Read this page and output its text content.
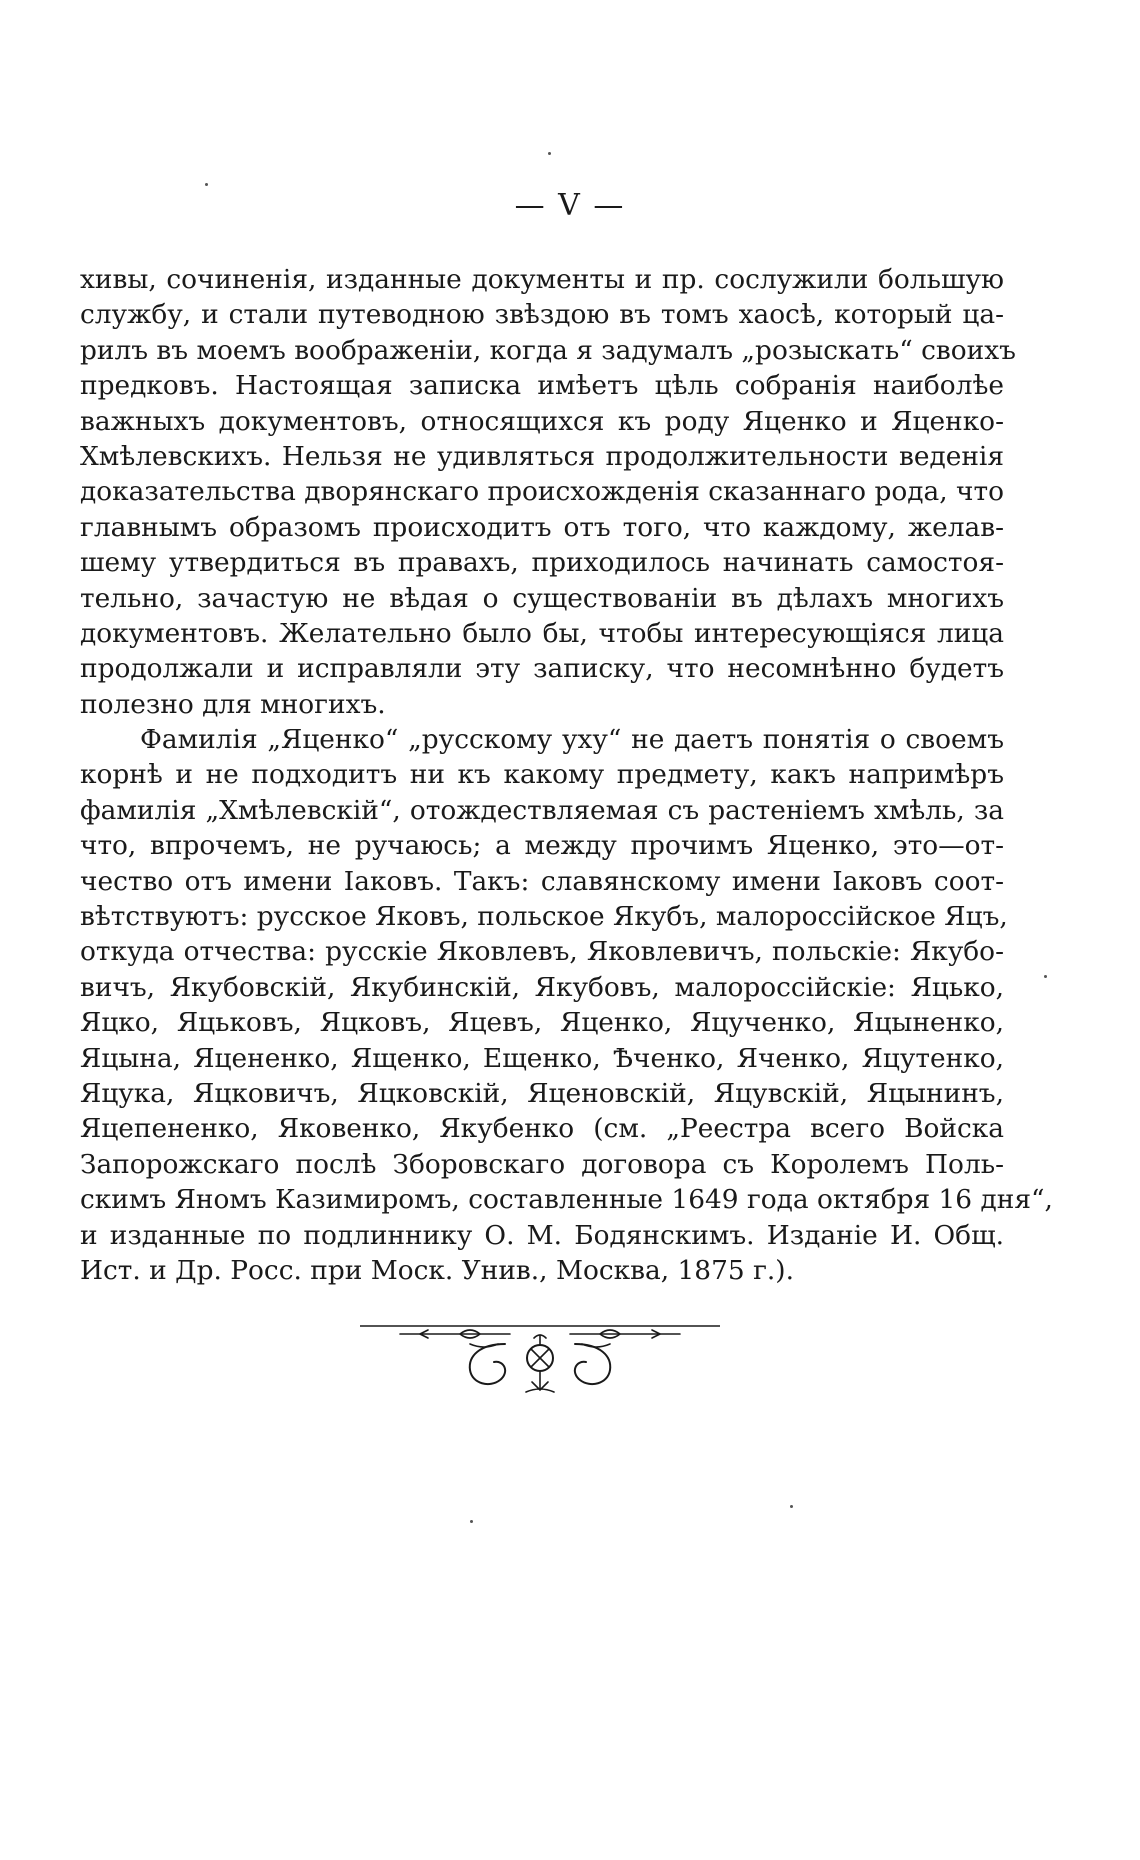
— V —
хивы, сочиненія, изданные документы и пр. сослужили большую
службу, и стали путеводною звѣздою въ томъ хаосѣ, который ца-
рилъ въ моемъ воображеніи, когда я задумалъ „розыскать“ своихъ
предковъ. Настоящая записка имѣетъ цѣль собранія наиболѣе
важныхъ документовъ, относящихся къ роду Яценко и Яценко-
Хмѣлевскихъ. Нельзя не удивляться продолжительности веденія
доказательства дворянскаго происхожденія сказаннаго рода, что
главнымъ образомъ происходитъ отъ того, что каждому, желав-
шему утвердиться въ правахъ, приходилось начинать самостоя-
тельно, зачастую не вѣдая о существованіи въ дѣлахъ многихъ
документовъ. Желательно было бы, чтобы интересующіяся лица
продолжали и исправляли эту записку, что несомнѣнно будетъ
полезно для многихъ.
Фамилія „Яценко“ „русскому уху“ не даетъ понятія о своемъ
корнѣ и не подходитъ ни къ какому предмету, какъ напримѣръ
фамилія „Хмѣлевскій“, отождествляемая съ растеніемъ хмѣль, за
что, впрочемъ, не ручаюсь; а между прочимъ Яценко, это—от-
чество отъ имени Іаковъ. Такъ: славянскому имени Іаковъ соот-
вѣтствуютъ: русское Яковъ, польское Якубъ, малороссійское Яцъ,
откуда отчества: русскіе Яковлевъ, Яковлевичъ, польскіе: Якубо-
вичъ, Якубовскій, Якубинскій, Якубовъ, малороссійскіе: Яцько,
Яцко, Яцьковъ, Яцковъ, Яцевъ, Яценко, Яцученко, Яцыненко,
Яцына, Яцененко, Ященко, Ещенко, Ѣченко, Яченко, Яцутенко,
Яцука, Яцковичъ, Яцковскій, Яценовскій, Яцувскій, Яцынинъ,
Яцепененко, Яковенко, Якубенко (см. „Реестра всего Войска
Запорожскаго послѣ Зборовскаго договора съ Королемъ Поль-
скимъ Яномъ Казимиромъ, составленные 1649 года октября 16 дня“,
и изданные по подлиннику О. М. Бодянскимъ. Изданіе И. Общ.
Ист. и Др. Росс. при Моск. Унив., Москва, 1875 г.).
